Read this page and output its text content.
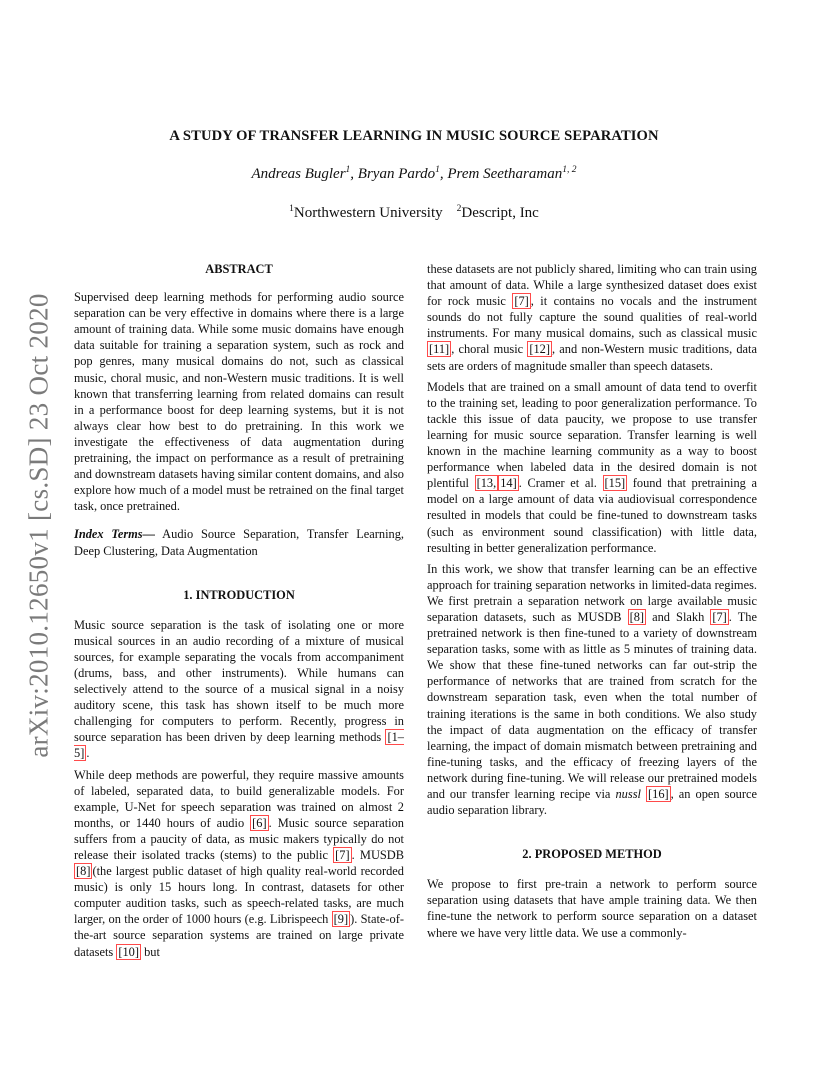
arXiv:2010.12650v1 [cs.SD] 23 Oct 2020
A STUDY OF TRANSFER LEARNING IN MUSIC SOURCE SEPARATION
Andreas Bugler$^1$, Bryan Pardo$^1$, Prem Seetharaman$^{1, 2}$
$^1$Northwestern University $^2$Descript, Inc

ABSTRACT

Supervised deep learning methods for performing audio source separation can be very effective in domains where there is a large amount of training data. While some music domains have enough data suitable for training a separation system, such as rock and pop genres, many musical domains do not, such as classical music, choral music, and non-Western music traditions. It is well known that transferring learning from related domains can result in a performance boost for deep learning systems, but it is not always clear how best to do pretraining. In this work we investigate the effectiveness of data augmentation during pretraining, the impact on performance as a result of pretraining and downstream datasets having similar content domains, and also explore how much of a model must be retrained on the final target task, once pretrained.

Index Terms— Audio Source Separation, Transfer Learning, Deep Clustering, Data Augmentation

1. INTRODUCTION

Music source separation is the task of isolating one or more musical sources in an audio recording of a mixture of musical sources, for example separating the vocals from accompaniment (drums, bass, and other instruments). While humans can selectively attend to the source of a musical signal in a noisy auditory scene, this task has shown itself to be much more challenging for computers to perform. Recently, progress in source separation has been driven by deep learning methods [1–5] .

While deep methods are powerful, they require massive amounts of labeled, separated data, to build generalizable models. For example, U-Net for speech separation was trained on almost 2 months, or 1440 hours of audio [6] . Music source separation suffers from a paucity of data, as music makers typically do not release their isolated tracks (stems) to the public [7] . MUSDB [8] (the largest public dataset of high quality real-world recorded music) is only 15 hours long. In contrast, datasets for other computer audition tasks, such as speech-related tasks, are much larger, on the order of 1000 hours (e.g. Librispeech [9] ). State-of-the-art source separation systems are trained on large private datasets [10] but

these datasets are not publicly shared, limiting who can train using that amount of data. While a large synthesized dataset does exist for rock music [7] , it contains no vocals and the instrument sounds do not fully capture the sound qualities of real-world instruments. For many musical domains, such as classical music [11] , choral music [12] , and non-Western music traditions, data sets are orders of magnitude smaller than speech datasets.

Models that are trained on a small amount of data tend to overfit to the training set, leading to poor generalization performance. To tackle this issue of data paucity, we propose to use transfer learning for music source separation. Transfer learning is well known in the machine learning community as a way to boost performance when labeled data in the desired domain is not plentiful [13, 14] . Cramer et al. [15] found that pretraining a model on a large amount of data via audiovisual correspondence resulted in models that could be fine-tuned to downstream tasks (such as environment sound classification) with little data, resulting in better generalization performance.

In this work, we show that transfer learning can be an effective approach for training separation networks in limited-data regimes. We first pretrain a separation network on large available music separation datasets, such as MUSDB [8] and Slakh [7] . The pretrained network is then fine-tuned to a variety of downstream separation tasks, some with as little as 5 minutes of training data. We show that these fine-tuned networks can far out-strip the performance of networks that are trained from scratch for the downstream separation task, even when the total number of training iterations is the same in both conditions. We also study the impact of data augmentation on the efficacy of transfer learning, the impact of domain mismatch between pretraining and fine-tuning tasks, and the efficacy of freezing layers of the network during fine-tuning. We will release our pretrained models and our transfer learning recipe via nussl [16] , an open source audio separation library.

2. PROPOSED METHOD

We propose to first pre-train a network to perform source separation using datasets that have ample training data. We then fine-tune the network to perform source separation on a dataset where we have very little data. We use a commonly-
